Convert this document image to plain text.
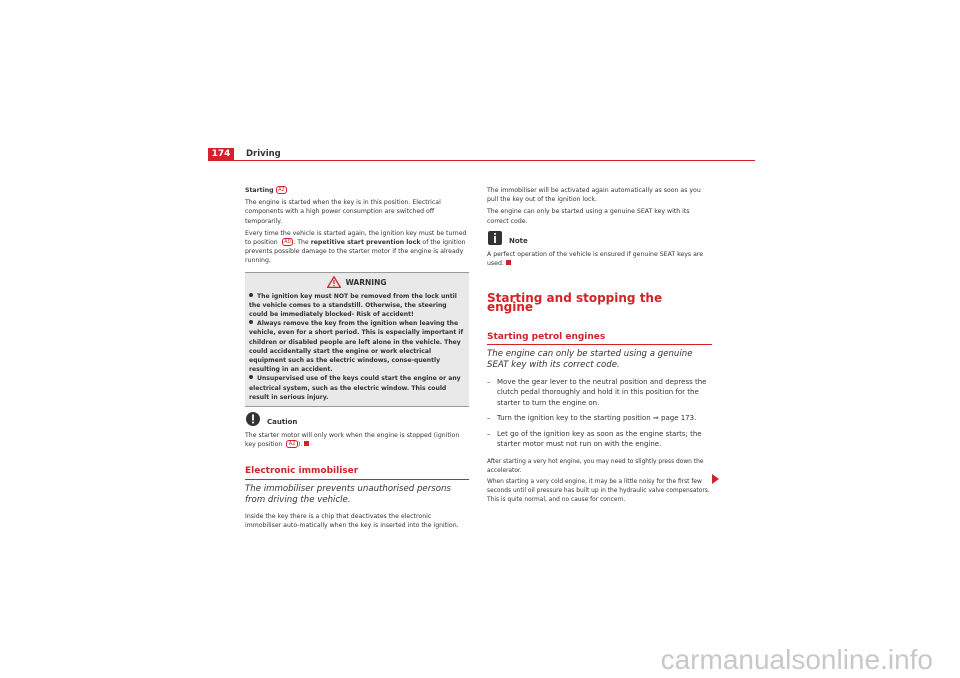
174	Driving

Starting A2

The engine is started when the key is in this position. Electrical components with a high power consumption are switched off temporarily.

Every time the vehicle is started again, the ignition key must be turned to position A0 . The repetitive start prevention lock of the ignition prevents possible damage to the starter motor if the engine is already running.

WARNING
The ignition key must NOT be removed from the lock until the vehicle comes to a standstill. Otherwise, the steering could be immediately blocked- Risk of accident!
Always remove the key from the ignition when leaving the vehicle, even for a short period. This is especially important if children or disabled people are left alone in the vehicle. They could accidentally start the engine or work electrical equipment such as the electric windows, conse-quently resulting in an accident.
Unsupervised use of the keys could start the engine or any electrical system, such as the electric window. This could result in serious injury.
Caution

The starter motor will only work when the engine is stopped (ignition key position A2 ).

Electronic immobiliser
The immobiliser prevents unauthorised persons from driving the vehicle.

Inside the key there is a chip that deactivates the electronic immobiliser auto-matically when the key is inserted into the ignition.

The immobiliser will be activated again automatically as soon as you pull the key out of the ignition lock.

The engine can only be started using a genuine SEAT key with its correct code.

Note

A perfect operation of the vehicle is ensured if genuine SEAT keys are used.

Starting and stopping the engine
Starting petrol engines
The engine can only be started using a genuine SEAT key with its correct code.
– Move the gear lever to the neutral position and depress the clutch pedal thoroughly and hold it in this position for the starter to turn the engine on.
– Turn the ignition key to the starting position ⇒ page 173.
– Let go of the ignition key as soon as the engine starts; the starter motor must not run on with the engine.

After starting a very hot engine, you may need to slightly press down the accelerator.

When starting a very cold engine, it may be a little noisy for the first few seconds until oil pressure has built up in the hydraulic valve compensators. This is quite normal, and no cause for concern.

carmanualsonline.info
